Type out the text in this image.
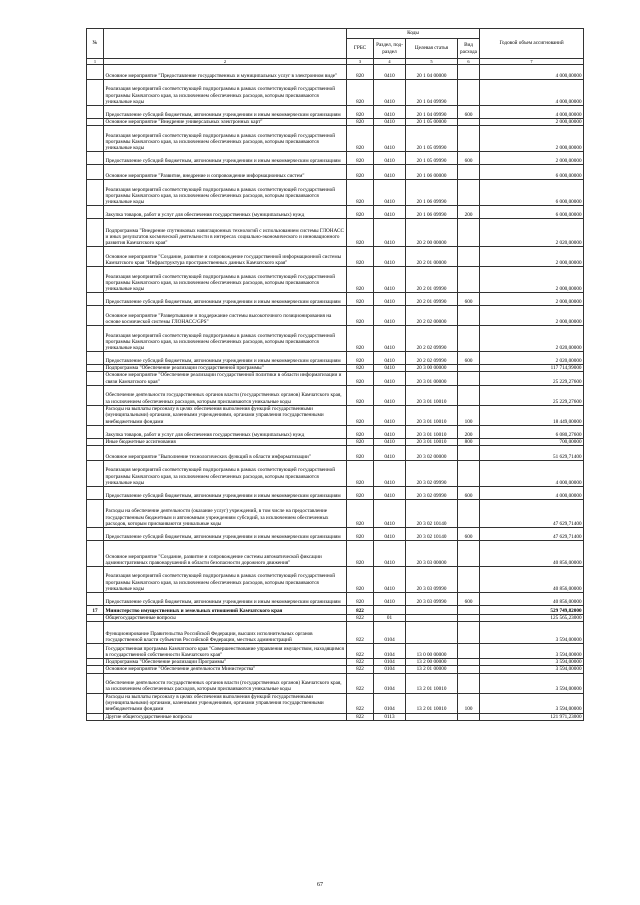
№		Коды				Годовой объем ассигнований
		ГРБС	Раздел, под-раздел	Целевая статья	Вид расхода	
1	2	3	4	5	6	7
	Основное мероприятие "Предоставление государственных и муниципальных услуг в электронном виде"	820	0410	20 1 04 00000		4 000,00000
	Реализация мероприятий соответствующей подпрограммы в рамках соответствующей государственной программы Камчатского края, за исключением обеспеченных расходов, которым присваиваются уникальные коды	820	0410	20 1 04 09990		4 000,00000
	Предоставление субсидий бюджетным, автономным учреждениям и иным некоммерческим организациям	820	0410	20 1 04 09990	600	4 000,00000
	Основное мероприятие "Внедрение универсальных электронных карт"	820	0410	20 1 05 00000		2 000,00000
	Реализация мероприятий соответствующей подпрограммы в рамках соответствующей государственной программы Камчатского края, за исключением обеспеченных расходов, которым присваиваются уникальные коды	820	0410	20 1 05 09990		2 000,00000
	Предоставление субсидий бюджетным, автономным учреждениям и иным некоммерческим организациям	820	0410	20 1 05 09990	600	2 000,00000
	Основное мероприятие "Развитие, внедрение и сопровождение информационных систем"	820	0410	20 1 06 00000		6 000,00000
	Реализация мероприятий соответствующей подпрограммы в рамках соответствующей государственной программы Камчатского края, за исключением обеспеченных расходов, которым присваиваются уникальные коды	820	0410	20 1 06 09990		6 000,00000
	Закупка товаров, работ и услуг для обеспечения государственных (муниципальных) нужд	820	0410	20 1 06 09990	200	6 000,00000
	Подпрограмма "Внедрение спутниковых навигационных технологий с использованием системы ГЛОНАСС и иных результатов космической деятельности в интересах социально-экономического и инновационного развития Камчатского края"	820	0410	20 2 00 00000		2 020,00000
	Основное мероприятие "Создание, развитие и сопровождение государственной информационной системы Камчатского края "Инфраструктура пространственных данных Камчатского края"	820	0410	20 2 01 00000		2 000,00000
	Реализация мероприятий соответствующей подпрограммы в рамках соответствующей государственной программы Камчатского края, за исключением обеспеченных расходов, которым присваиваются уникальные коды	820	0410	20 2 01 09990		2 000,00000
	Предоставление субсидий бюджетным, автономным учреждениям и иным некоммерческим организациям	820	0410	20 2 01 09990	600	2 000,00000
	Основное мероприятие "Развертывание и поддержание системы высокоточного позиционирования на основе космической системы ГЛОНАСС/GPS"	820	0410	20 2 02 00000		2 000,00000
	Реализация мероприятий соответствующей подпрограммы в рамках соответствующей государственной программы Камчатского края, за исключением обеспеченных расходов, которым присваиваются уникальные коды	820	0410	20 2 02 09990		2 020,00000
	Предоставление субсидий бюджетным, автономным учреждениям и иным некоммерческим организациям	820	0410	20 2 02 09990	600	2 020,00000
	Подпрограмма "Обеспечение реализации государственной программы"	820	0410	20 3 00 00000		117 714,99000
	Основное мероприятие "Обеспечение реализации государственной политики в области информатизации и связи Камчатского края"	820	0410	20 3 01 00000		25 229,27600
	Обеспечение деятельности государственных органов власти (государственных органов) Камчатского края, за исключением обеспеченных расходов, которым присваиваются уникальные коды	820	0410	20 3 01 10010		25 229,27600
	Расходы на выплаты персоналу в целях обеспечения выполнения функций государственными (муниципальными) органами, казенными учреждениями, органами управления государственными внебюджетными фондами	820	0410	20 3 01 10010	100	18 449,00000
	Закупка товаров, работ и услуг для обеспечения государственных (муниципальных) нужд	820	0410	20 3 01 10010	200	6 080,27600
	Иные бюджетные ассигнования	820	0410	20 3 01 10010	800	700,00000
	Основное мероприятие "Выполнение технологических функций в области информатизации"	820	0410	20 3 02 00000		51 629,71400
	Реализация мероприятий соответствующей подпрограммы в рамках соответствующей государственной программы Камчатского края, за исключением обеспеченных расходов, которым присваиваются уникальные коды	820	0410	20 3 02 09990		4 000,00000
	Предоставление субсидий бюджетным, автономным учреждениям и иным некоммерческим организациям	820	0410	20 3 02 09990	600	4 000,00000
	Расходы на обеспечение деятельности (оказание услуг) учреждений, в том числе на предоставление государственным бюджетным и автономным учреждениям субсидий, за исключением обеспеченных расходов, которым присваиваются уникальные коды	820	0410	20 3 02 10140		47 629,71400
	Предоставление субсидий бюджетным, автономным учреждениям и иным некоммерческим организациям	820	0410	20 3 02 10140	600	47 629,71400
	Основное мероприятие "Создание, развитие и сопровождение системы автоматической фиксации административных правонарушений в области безопасности дорожного движения"	820	0410	20 3 03 00000		40 856,00000
	Реализация мероприятий соответствующей подпрограммы в рамках соответствующей государственной программы Камчатского края, за исключением обеспеченных расходов, которым присваиваются уникальные коды	820	0410	20 3 03 09990		40 856,00000
	Предоставление субсидий бюджетным, автономным учреждениям и иным некоммерческим организациям	820	0410	20 3 03 09990	600	40 856,00000
17	Министерство имущественных и земельных отношений Камчатского края	822				529 749,82000
	Общегосударственные вопросы	822	01			125 565,23000
	Функционирование Правительства Российской Федерации, высших исполнительных органов государственной власти субъектов Российской Федерации, местных администраций	822	0104			3 594,00000
	Государственная программа Камчатского края "Совершенствование управления имуществом, находящимся в государственной собственности Камчатского края"	822	0104	13 0 00 00000		3 594,00000
	Подпрограмма "Обеспечение реализации Программы"	822	0104	13 2 00 00000		3 594,00000
	Основное мероприятие "Обеспечение деятельности Министерства"	822	0104	13 2 01 00000		3 594,00000
	Обеспечение деятельности государственных органов власти (государственных органов) Камчатского края, за исключением обеспеченных расходов, которым присваиваются уникальные коды	822	0104	13 2 01 10010		3 594,00000
	Расходы на выплаты персоналу в целях обеспечения выполнения функций государственными (муниципальными) органами, казенными учреждениями, органами управления государственными внебюджетными фондами	822	0104	13 2 01 10010	100	3 594,00000
	Другие общегосударственные вопросы	822	0113			121 971,23000
67
